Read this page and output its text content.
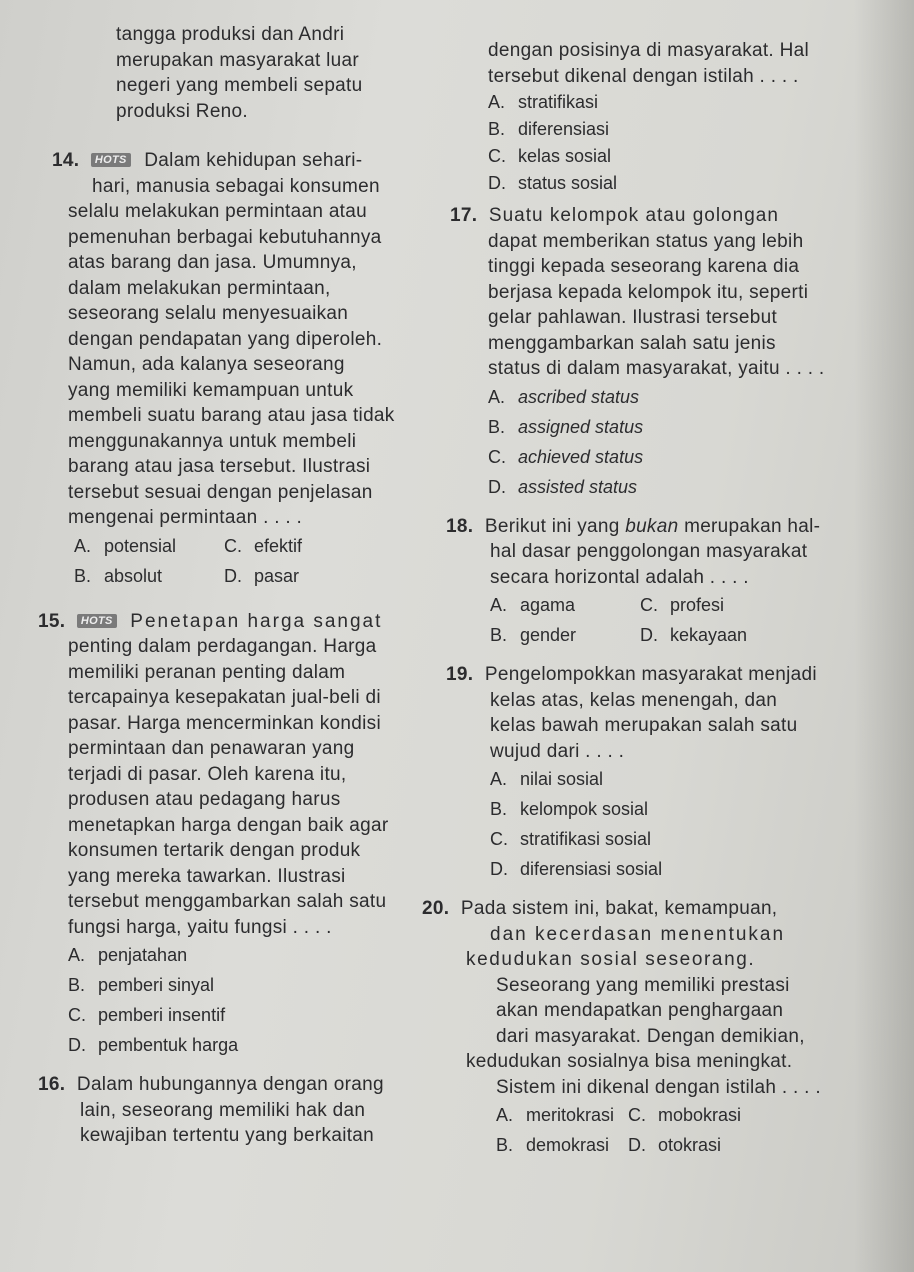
tangga produksi dan Andri
merupakan masyarakat luar
negeri yang membeli sepatu
produksi Reno.
14. HOTS Dalam kehidupan sehari-
hari, manusia sebagai konsumen
selalu melakukan permintaan atau
pemenuhan berbagai kebutuhannya
atas barang dan jasa. Umumnya,
dalam melakukan permintaan,
seseorang selalu menyesuaikan
dengan pendapatan yang diperoleh.
Namun, ada kalanya seseorang
yang memiliki kemampuan untuk
membeli suatu barang atau jasa tidak
menggunakannya untuk membeli
barang atau jasa tersebut. Ilustrasi
tersebut sesuai dengan penjelasan
mengenai permintaan . . . .
A. potensial	C. efektif
B. absolut	D. pasar
15. HOTS Penetapan harga sangat
penting dalam perdagangan. Harga
memiliki peranan penting dalam
tercapainya kesepakatan jual-beli di
pasar. Harga mencerminkan kondisi
permintaan dan penawaran yang
terjadi di pasar. Oleh karena itu,
produsen atau pedagang harus
menetapkan harga dengan baik agar
konsumen tertarik dengan produk
yang mereka tawarkan. Ilustrasi
tersebut menggambarkan salah satu
fungsi harga, yaitu fungsi . . . .
A. penjatahan
B. pemberi sinyal
C. pemberi insentif
D. pembentuk harga
16. Dalam hubungannya dengan orang
lain, seseorang memiliki hak dan
kewajiban tertentu yang berkaitan
dengan posisinya di masyarakat. Hal
tersebut dikenal dengan istilah . . . .
A. stratifikasi
B. diferensiasi
C. kelas sosial
D. status sosial
17. Suatu kelompok atau golongan
dapat memberikan status yang lebih
tinggi kepada seseorang karena dia
berjasa kepada kelompok itu, seperti
gelar pahlawan. Ilustrasi tersebut
menggambarkan salah satu jenis
status di dalam masyarakat, yaitu . . . .
A. ascribed status
B. assigned status
C. achieved status
D. assisted status
18. Berikut ini yang bukan merupakan hal-
hal dasar penggolongan masyarakat
secara horizontal adalah . . . .
A. agama	C. profesi
B. gender	D. kekayaan
19. Pengelompokkan masyarakat menjadi
kelas atas, kelas menengah, dan
kelas bawah merupakan salah satu
wujud dari . . . .
A. nilai sosial
B. kelompok sosial
C. stratifikasi sosial
D. diferensiasi sosial
20. Pada sistem ini, bakat, kemampuan,
dan kecerdasan menentukan
kedudukan sosial seseorang.
Seseorang yang memiliki prestasi
akan mendapatkan penghargaan
dari masyarakat. Dengan demikian,
kedudukan sosialnya bisa meningkat.
Sistem ini dikenal dengan istilah . . . .
A. meritokrasi C. mobokrasi
B. demokrasi	D. otokrasi
